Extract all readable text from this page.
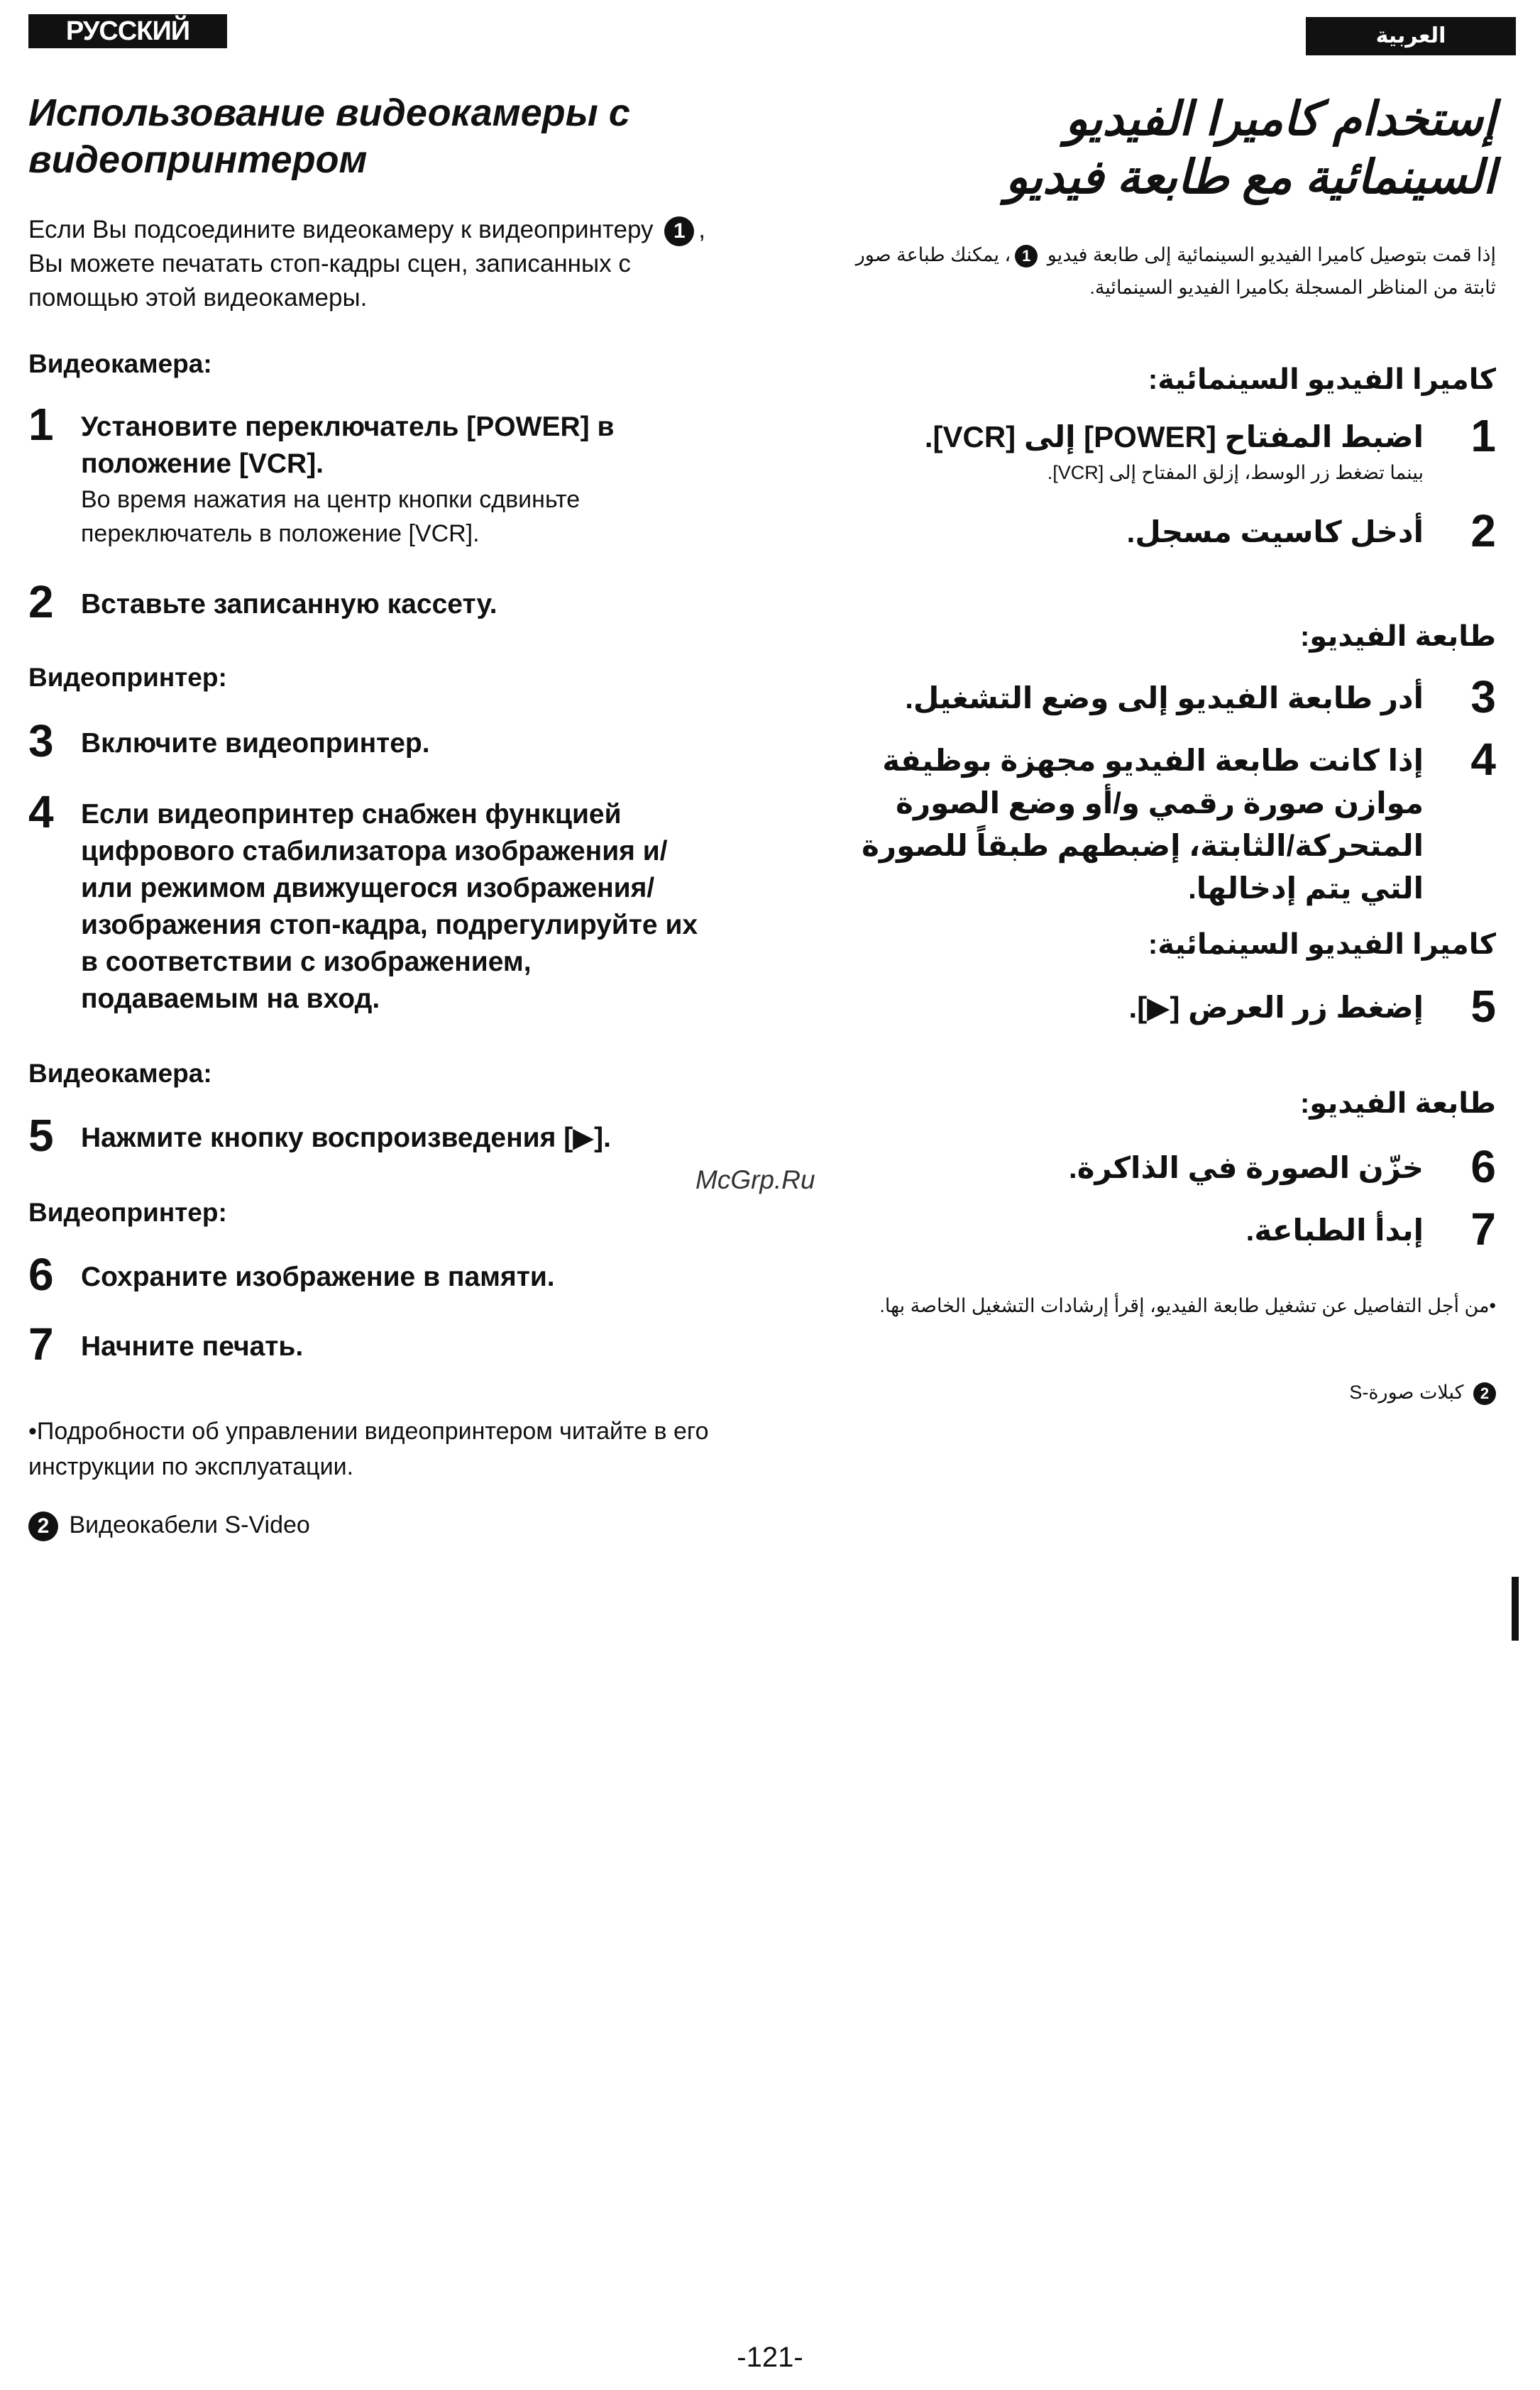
РУССКИЙ ЯЗЫК
العربية
Использование видеокамеры с
видеопринтером
Если Вы подсоедините видеокамеру к видеопринтеру 1 , Вы можете печатать стоп-кадры сцен, записанных с помощью этой видеокамеры.
Видеокамера:
1 Установите переключатель [POWER] в положение [VCR].
Во время нажатия на центр кнопки сдвиньте переключатель в положение [VCR].
2 Вставьте записанную кассету.
Видеопринтер:
3 Включите видеопринтер.
4 Если видеопринтер снабжен функцией цифрового стабилизатора изображения и/или режимом движущегося изображения/изображения стоп-кадра, подрегулируйте их в соответствии с изображением, подаваемым на вход.
Видеокамера:
5 Нажмите кнопку воспроизведения [▶].
Видеопринтер:
6 Сохраните изображение в памяти.
7 Начните печать.
•Подробности об управлении видеопринтером читайте в его инструкции по эксплуатации.
2 Видеокабели S-Video
إستخدام كاميرا الفيديو
السينمائية مع طابعة فيديو
إذا قمت بتوصيل كاميرا الفيديو السينمائية إلى طابعة فيديو 1، يمكنك طباعة صور ثابتة من المناظر المسجلة بكاميرا الفيديو السينمائية.
كاميرا الفيديو السينمائية:
1
اضبط المفتاح [POWER] إلى [VCR].
بينما تضغط زر الوسط، إزلق المفتاح إلى [VCR].
2
أدخل كاسيت مسجل.
طابعة الفيديو:
3
أدر طابعة الفيديو إلى وضع التشغيل.
4
إذا كانت طابعة الفيديو مجهزة بوظيفة موازن صورة رقمي و/أو وضع الصورة المتحركة/الثابتة، إضبطهم طبقاً للصورة التي يتم إدخالها.
كاميرا الفيديو السينمائية:
5
إضغط زر العرض [▶].
طابعة الفيديو:
6
خزّن الصورة في الذاكرة.
7
إبدأ الطباعة.
•من أجل التفاصيل عن تشغيل طابعة الفيديو، إقرأ إرشادات التشغيل الخاصة بها.
2 كبلات صورة-S
McGrp.Ru
-121-
